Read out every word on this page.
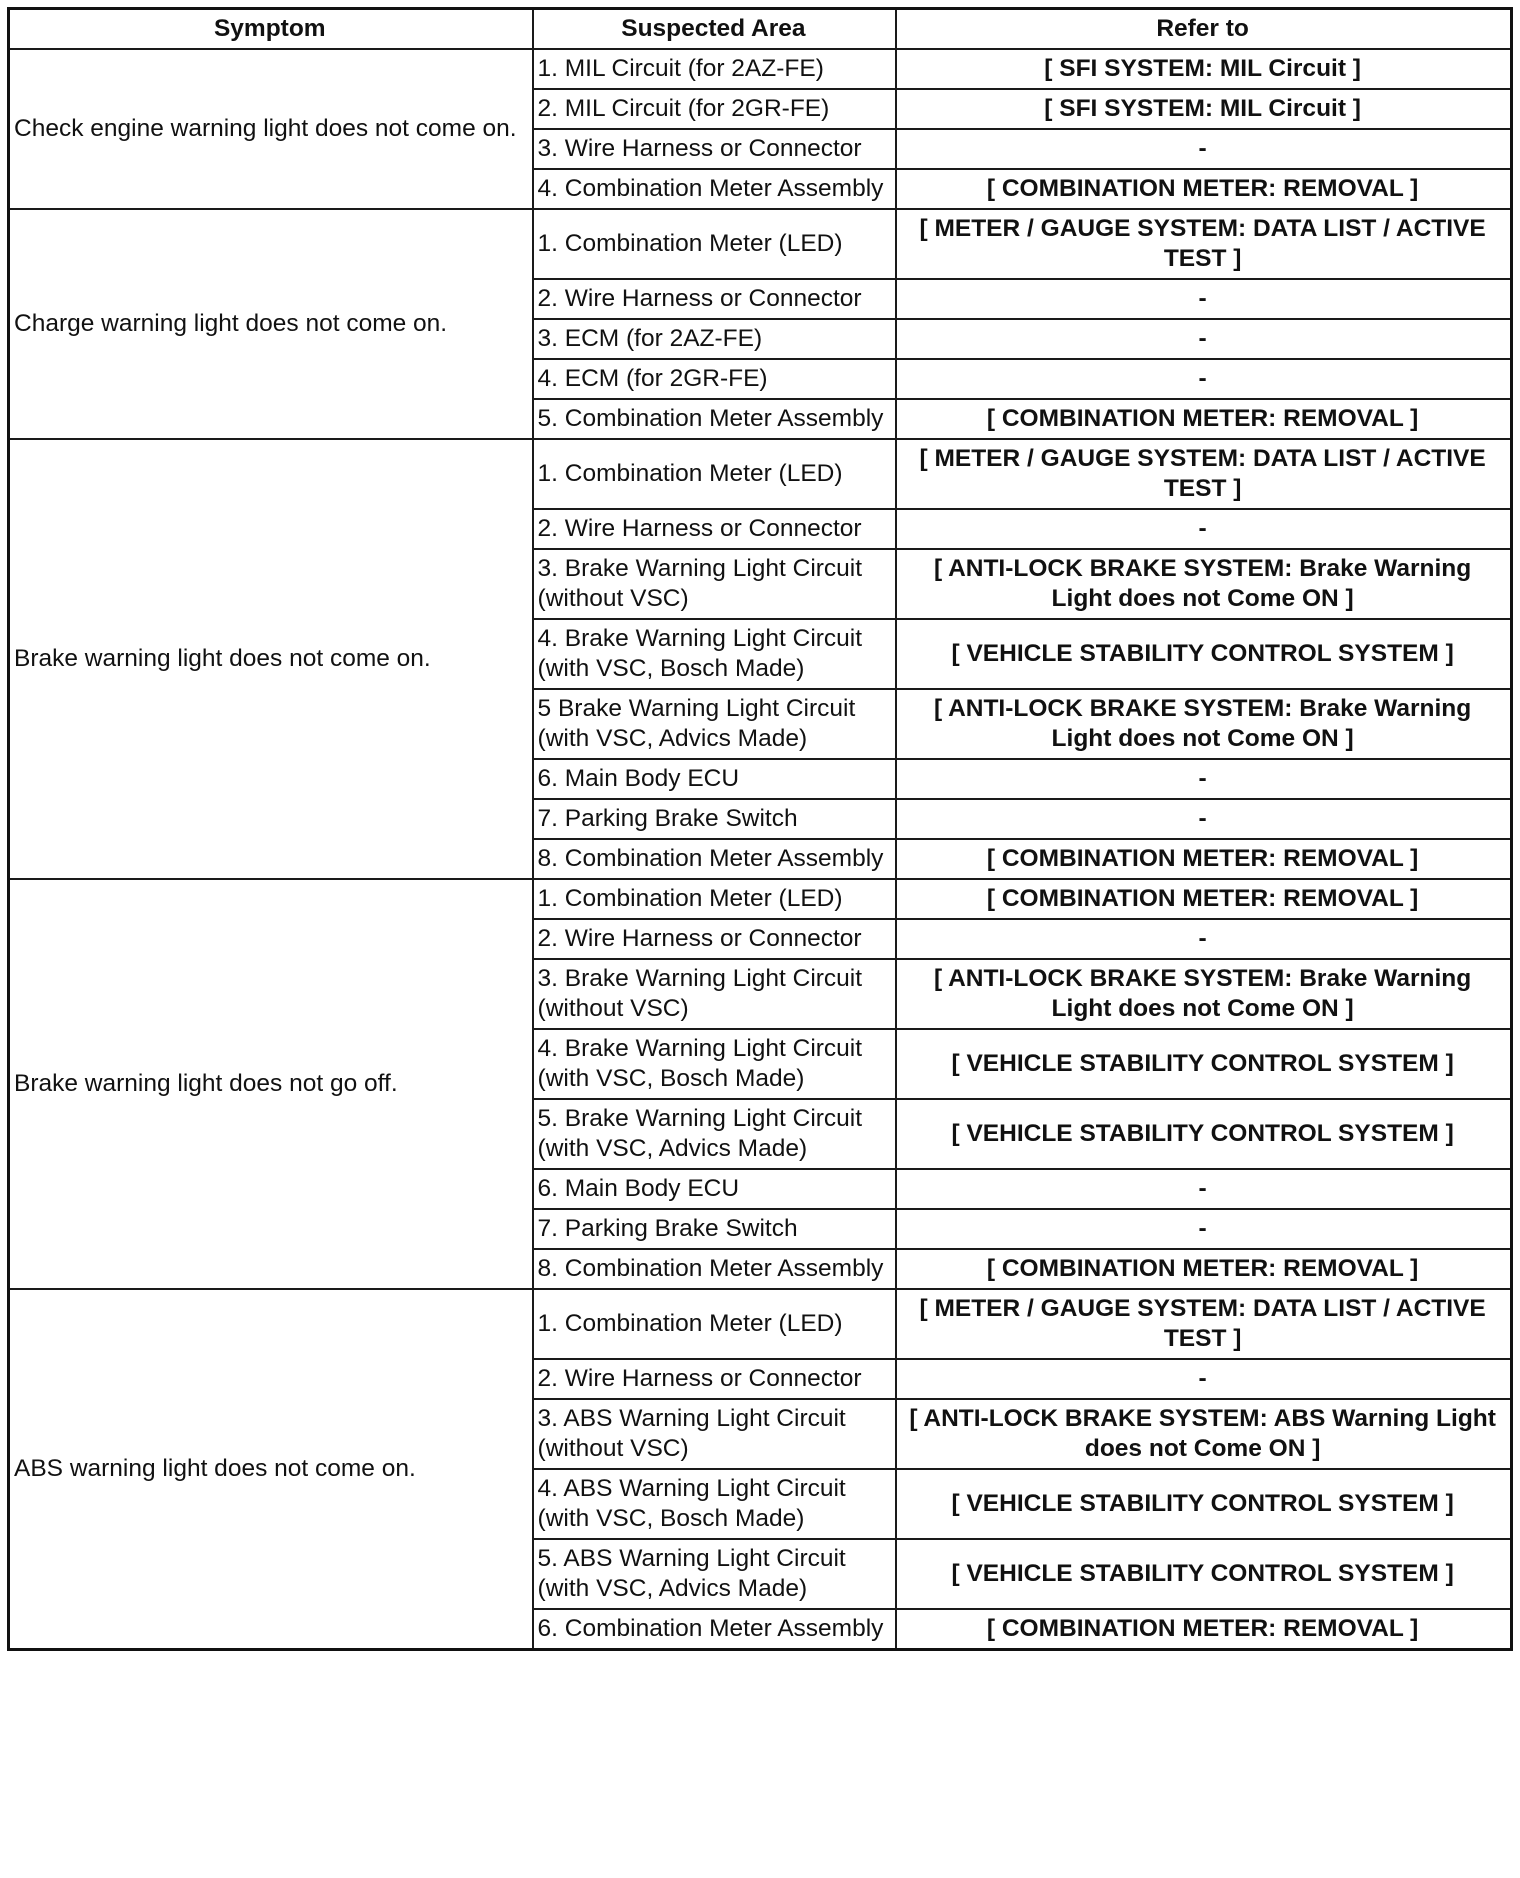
Symptom	Suspected Area	Refer to
Check engine warning light does not come on.	1. MIL Circuit (for 2AZ-FE)	[ SFI SYSTEM: MIL Circuit ]
	2. MIL Circuit (for 2GR-FE)	[ SFI SYSTEM: MIL Circuit ]
	3. Wire Harness or Connector	-
	4. Combination Meter Assembly	[ COMBINATION METER: REMOVAL ]
Charge warning light does not come on.	1. Combination Meter (LED)	[ METER / GAUGE SYSTEM: DATA LIST / ACTIVE TEST ]
	2. Wire Harness or Connector	-
	3. ECM (for 2AZ-FE)	-
	4. ECM (for 2GR-FE)	-
	5. Combination Meter Assembly	[ COMBINATION METER: REMOVAL ]
Brake warning light does not come on.	1. Combination Meter (LED)	[ METER / GAUGE SYSTEM: DATA LIST / ACTIVE TEST ]
	2. Wire Harness or Connector	-
	3. Brake Warning Light Circuit (without VSC)	[ ANTI-LOCK BRAKE SYSTEM: Brake Warning Light does not Come ON ]
	4. Brake Warning Light Circuit (with VSC, Bosch Made)	[ VEHICLE STABILITY CONTROL SYSTEM ]
	5 Brake Warning Light Circuit (with VSC, Advics Made)	[ ANTI-LOCK BRAKE SYSTEM: Brake Warning Light does not Come ON ]
	6. Main Body ECU	-
	7. Parking Brake Switch	-
	8. Combination Meter Assembly	[ COMBINATION METER: REMOVAL ]
Brake warning light does not go off.	1. Combination Meter (LED)	[ COMBINATION METER: REMOVAL ]
	2. Wire Harness or Connector	-
	3. Brake Warning Light Circuit (without VSC)	[ ANTI-LOCK BRAKE SYSTEM: Brake Warning Light does not Come ON ]
	4. Brake Warning Light Circuit (with VSC, Bosch Made)	[ VEHICLE STABILITY CONTROL SYSTEM ]
	5. Brake Warning Light Circuit (with VSC, Advics Made)	[ VEHICLE STABILITY CONTROL SYSTEM ]
	6. Main Body ECU	-
	7. Parking Brake Switch	-
	8. Combination Meter Assembly	[ COMBINATION METER: REMOVAL ]
ABS warning light does not come on.	1. Combination Meter (LED)	[ METER / GAUGE SYSTEM: DATA LIST / ACTIVE TEST ]
	2. Wire Harness or Connector	-
	3. ABS Warning Light Circuit (without VSC)	[ ANTI-LOCK BRAKE SYSTEM: ABS Warning Light does not Come ON ]
	4. ABS Warning Light Circuit (with VSC, Bosch Made)	[ VEHICLE STABILITY CONTROL SYSTEM ]
	5. ABS Warning Light Circuit (with VSC, Advics Made)	[ VEHICLE STABILITY CONTROL SYSTEM ]
	6. Combination Meter Assembly	[ COMBINATION METER: REMOVAL ]
